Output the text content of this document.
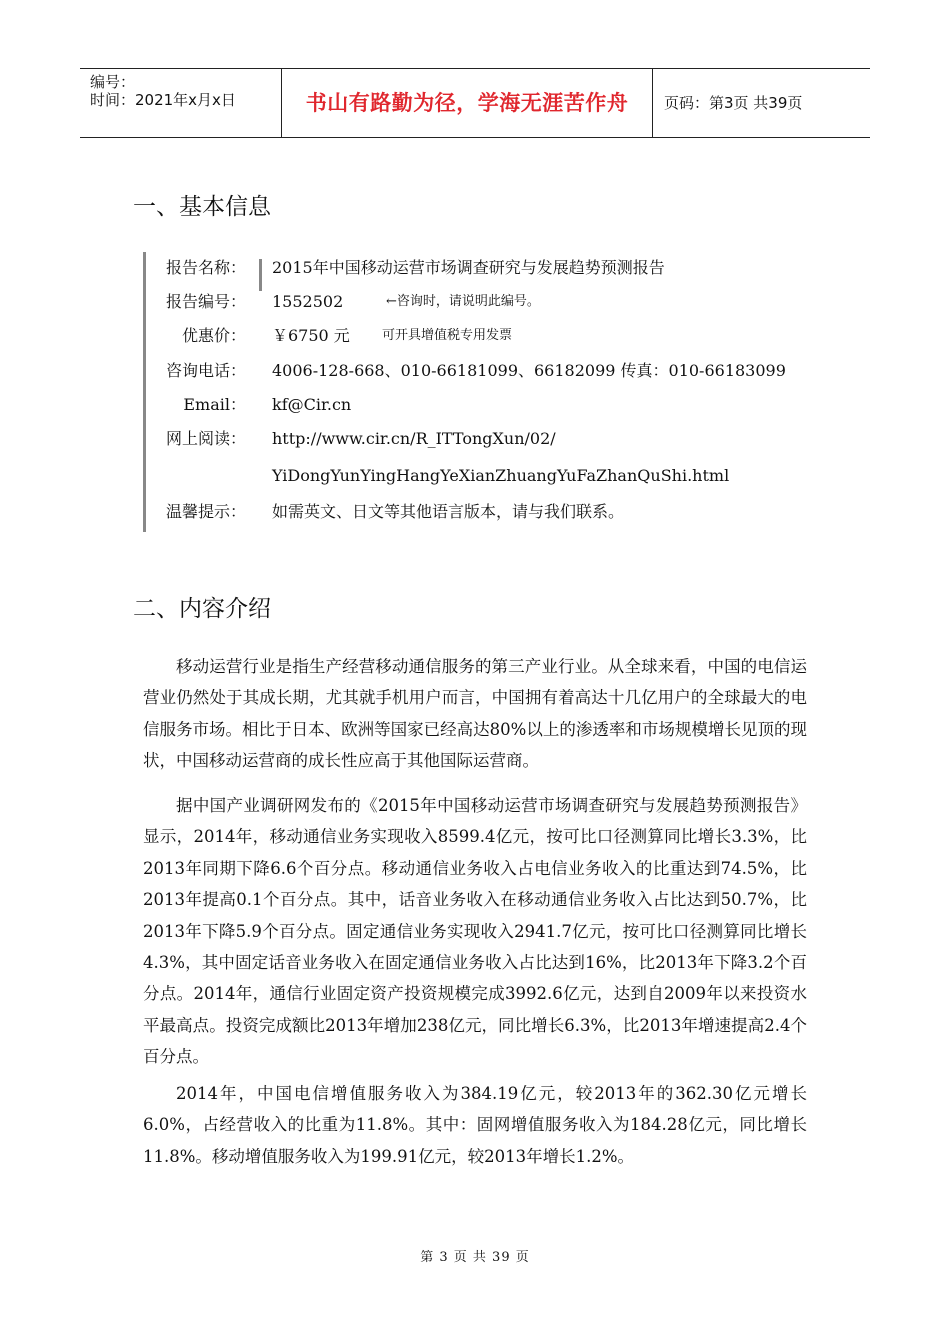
编号：
时间：2021年x月x日	书山有路勤为径，学海无涯苦作舟	页码：第3页 共39页
一、基本信息
报告名称： 2015年中国移动运营市场调查研究与发展趋势预测报告
报告编号： 1552502	←咨询时，请说明此编号。
优惠价： ￥6750 元 可开具增值税专用发票
咨询电话： 4006-128-668、010-66181099、66182099 传真：010-66183099
Email： kf@Cir.cn
网上阅读： http://www.cir.cn/R_ITTongXun/02/
YiDongYunYingHangYeXianZhuangYuFaZhanQuShi.html
温馨提示： 如需英文、日文等其他语言版本，请与我们联系。
二、内容介绍

移动运营行业是指生产经营移动通信服务的第三产业行业。从全球来看，中国的电信运营业仍然处于其成长期，尤其就手机用户而言，中国拥有着高达十几亿用户的全球最大的电信服务市场。相比于日本、欧洲等国家已经高达80%以上的渗透率和市场规模增长见顶的现状，中国移动运营商的成长性应高于其他国际运营商。

据中国产业调研网发布的《2015年中国移动运营市场调查研究与发展趋势预测报告》显示，2014年，移动通信业务实现收入8599.4亿元，按可比口径测算同比增长3.3%，比2013年同期下降6.6个百分点。移动通信业务收入占电信业务收入的比重达到74.5%，比2013年提高0.1个百分点。其中，话音业务收入在移动通信业务收入占比达到50.7%，比2013年下降5.9个百分点。固定通信业务实现收入2941.7亿元，按可比口径测算同比增长4.3%，其中固定话音业务收入在固定通信业务收入占比达到16%，比2013年下降3.2个百分点。2014年，通信行业固定资产投资规模完成3992.6亿元，达到自2009年以来投资水平最高点。投资完成额比2013年增加238亿元，同比增长6.3%，比2013年增速提高2.4个百分点。

2014年，中国电信增值服务收入为384.19亿元，较2013年的362.30亿元增长6.0%，占经营收入的比重为11.8%。其中：固网增值服务收入为184.28亿元，同比增长11.8%。移动增值服务收入为199.91亿元，较2013年增长1.2%。

第 3 页 共 39 页
